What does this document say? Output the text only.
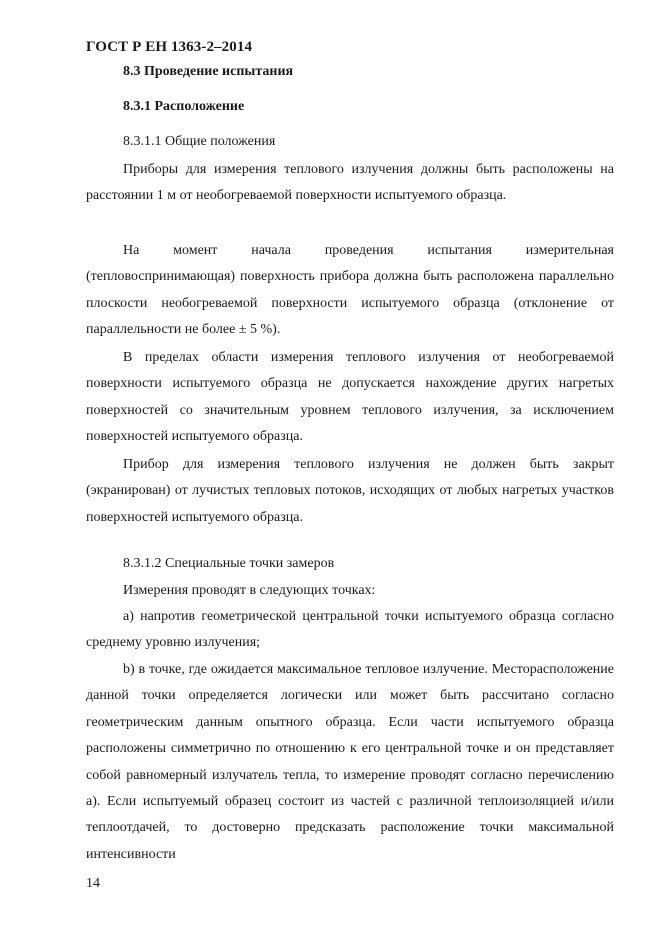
ГОСТ Р ЕН 1363-2–2014
8.3 Проведение испытания
8.3.1 Расположение
8.3.1.1 Общие положения

Приборы для измерения теплового излучения должны быть расположены на расстоянии 1 м от необогреваемой поверхности испытуемого образца.

На момент начала проведения испытания измерительная (тепловоспринимающая) поверхность прибора должна быть расположена параллельно плоскости необогреваемой поверхности испытуемого образца (отклонение от параллельности не более ± 5 %).

В пределах области измерения теплового излучения от необогреваемой поверхности испытуемого образца не допускается нахождение других нагретых поверхностей со значительным уровнем теплового излучения, за исключением поверхностей испытуемого образца.

Прибор для измерения теплового излучения не должен быть закрыт (экранирован) от лучистых тепловых потоков, исходящих от любых нагретых участков поверхностей испытуемого образца.

8.3.1.2 Специальные точки замеров

Измерения проводят в следующих точках:

a) напротив геометрической центральной точки испытуемого образца согласно среднему уровню излучения;

b) в точке, где ожидается максимальное тепловое излучение. Месторасположение данной точки определяется логически или может быть рассчитано согласно геометрическим данным опытного образца. Если части испытуемого образца расположены симметрично по отношению к его центральной точке и он представляет собой равномерный излучатель тепла, то измерение проводят согласно перечислению а). Если испытуемый образец состоит из частей с различной теплоизоляцией и/или теплоотдачей, то достоверно предсказать расположение точки максимальной интенсивности

14
